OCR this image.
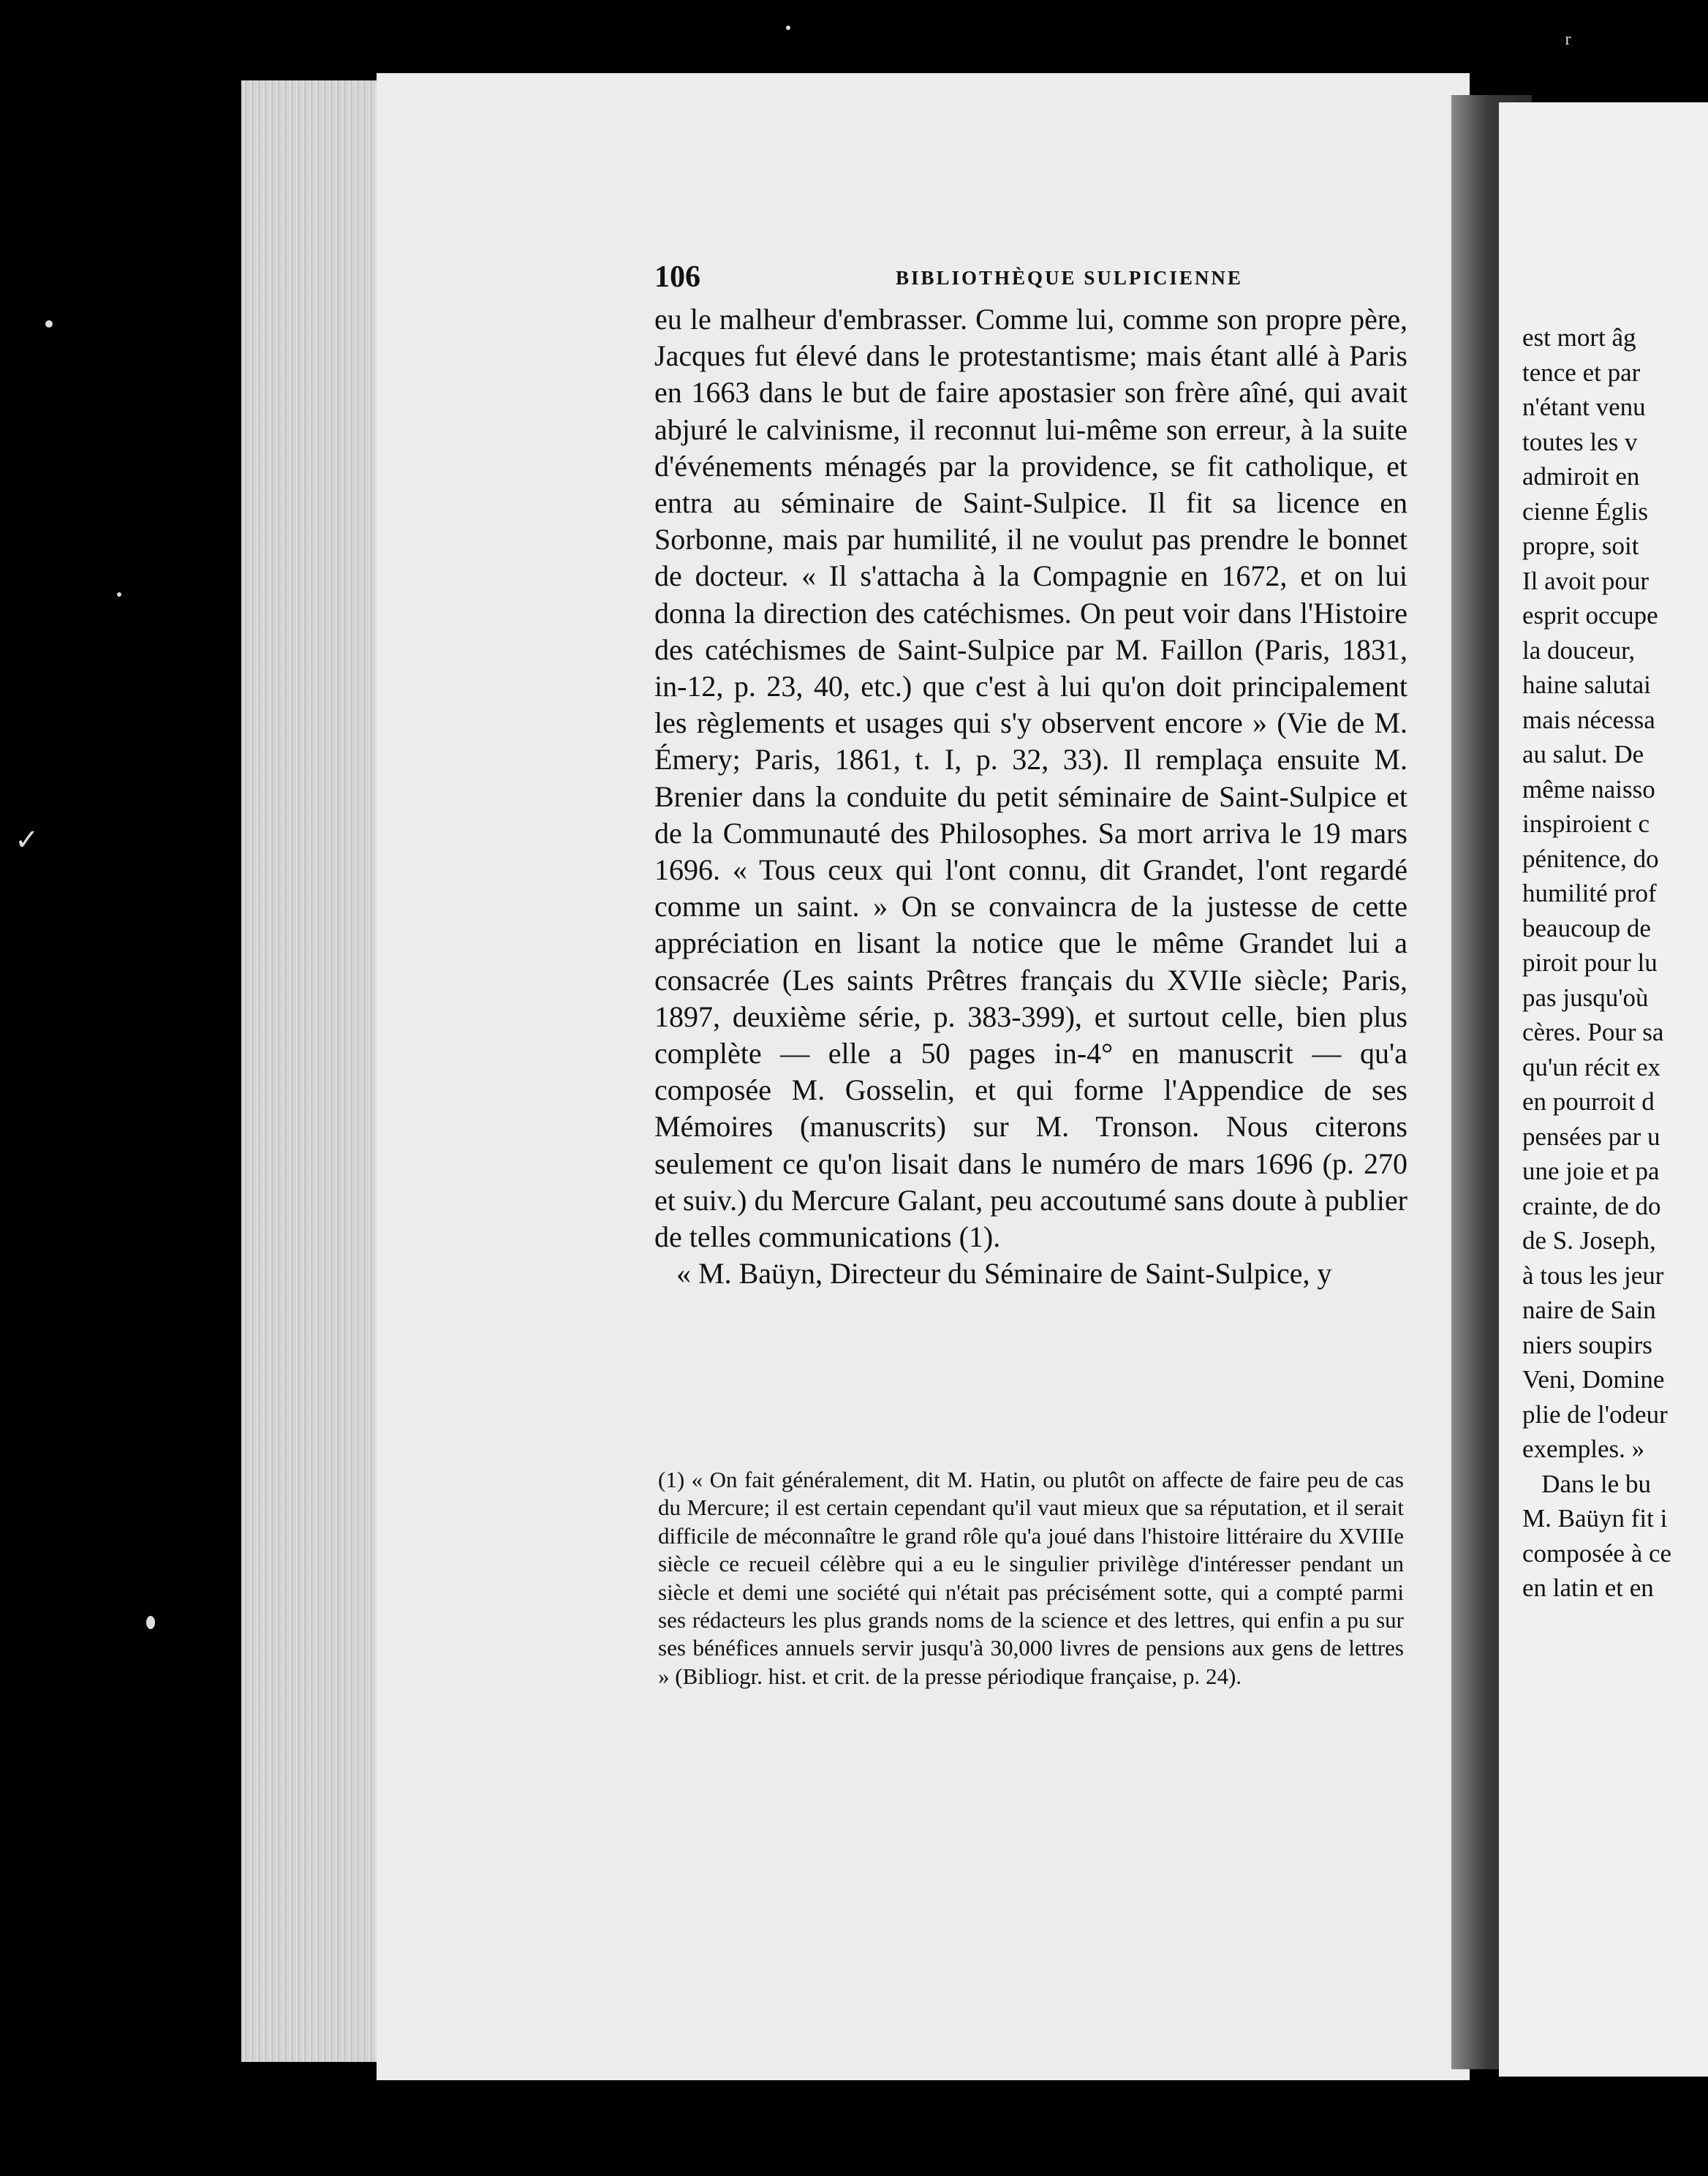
106	BIBLIOTHÈQUE SULPICIENNE

eu le malheur d'embrasser. Comme lui, comme son propre père, Jacques fut élevé dans le protestantisme; mais étant allé à Paris en 1663 dans le but de faire apostasier son frère aîné, qui avait abjuré le calvinisme, il reconnut lui-même son erreur, à la suite d'événements ménagés par la providence, se fit catholique, et entra au séminaire de Saint-Sulpice. Il fit sa licence en Sorbonne, mais par humilité, il ne voulut pas prendre le bonnet de docteur. « Il s'attacha à la Compagnie en 1672, et on lui donna la direction des catéchismes. On peut voir dans l'Histoire des catéchismes de Saint-Sulpice par M. Faillon (Paris, 1831, in-12, p. 23, 40, etc.) que c'est à lui qu'on doit principalement les règlements et usages qui s'y observent encore » (Vie de M. Émery; Paris, 1861, t. I, p. 32, 33). Il remplaça ensuite M. Brenier dans la conduite du petit séminaire de Saint-Sulpice et de la Communauté des Philosophes. Sa mort arriva le 19 mars 1696. « Tous ceux qui l'ont connu, dit Grandet, l'ont regardé comme un saint. » On se convaincra de la justesse de cette appréciation en lisant la notice que le même Grandet lui a consacrée (Les saints Prêtres français du XVIIe siècle; Paris, 1897, deuxième série, p. 383-399), et surtout celle, bien plus complète — elle a 50 pages in-4° en manuscrit — qu'a composée M. Gosselin, et qui forme l'Appendice de ses Mémoires (manuscrits) sur M. Tronson. Nous citerons seulement ce qu'on lisait dans le numéro de mars 1696 (p. 270 et suiv.) du Mercure Galant, peu accoutumé sans doute à publier de telles communications (1).

« M. Baüyn, Directeur du Séminaire de Saint-Sulpice, y

(1) « On fait généralement, dit M. Hatin, ou plutôt on affecte de faire peu de cas du Mercure; il est certain cependant qu'il vaut mieux que sa réputation, et il serait difficile de méconnaître le grand rôle qu'a joué dans l'histoire littéraire du XVIIIe siècle ce recueil célèbre qui a eu le singulier privilège d'intéresser pendant un siècle et demi une société qui n'était pas précisément sotte, qui a compté parmi ses rédacteurs les plus grands noms de la science et des lettres, qui enfin a pu sur ses bénéfices annuels servir jusqu'à 30,000 livres de pensions aux gens de lettres » (Bibliogr. hist. et crit. de la presse périodique française, p. 24).

est mort âg
tence et par
n'étant venu
toutes les v
admiroit en
cienne Églis
propre, soit
Il avoit pour
esprit occupe
la douceur,
haine salutai
mais nécessa
au salut. De
même naisso
inspiroient c
pénitence, do
humilité prof
beaucoup de
piroit pour lu
pas jusqu'où
cères. Pour sa
qu'un récit ex
en pourroit d
pensées par u
une joie et pa
crainte, de do
de S. Joseph,
à tous les jeur
naire de Sain
niers soupirs
Veni, Domine
plie de l'odeur
exemples. »
Dans le bu
M. Baüyn fit i
composée à ce
en latin et en
✓
ʳ
